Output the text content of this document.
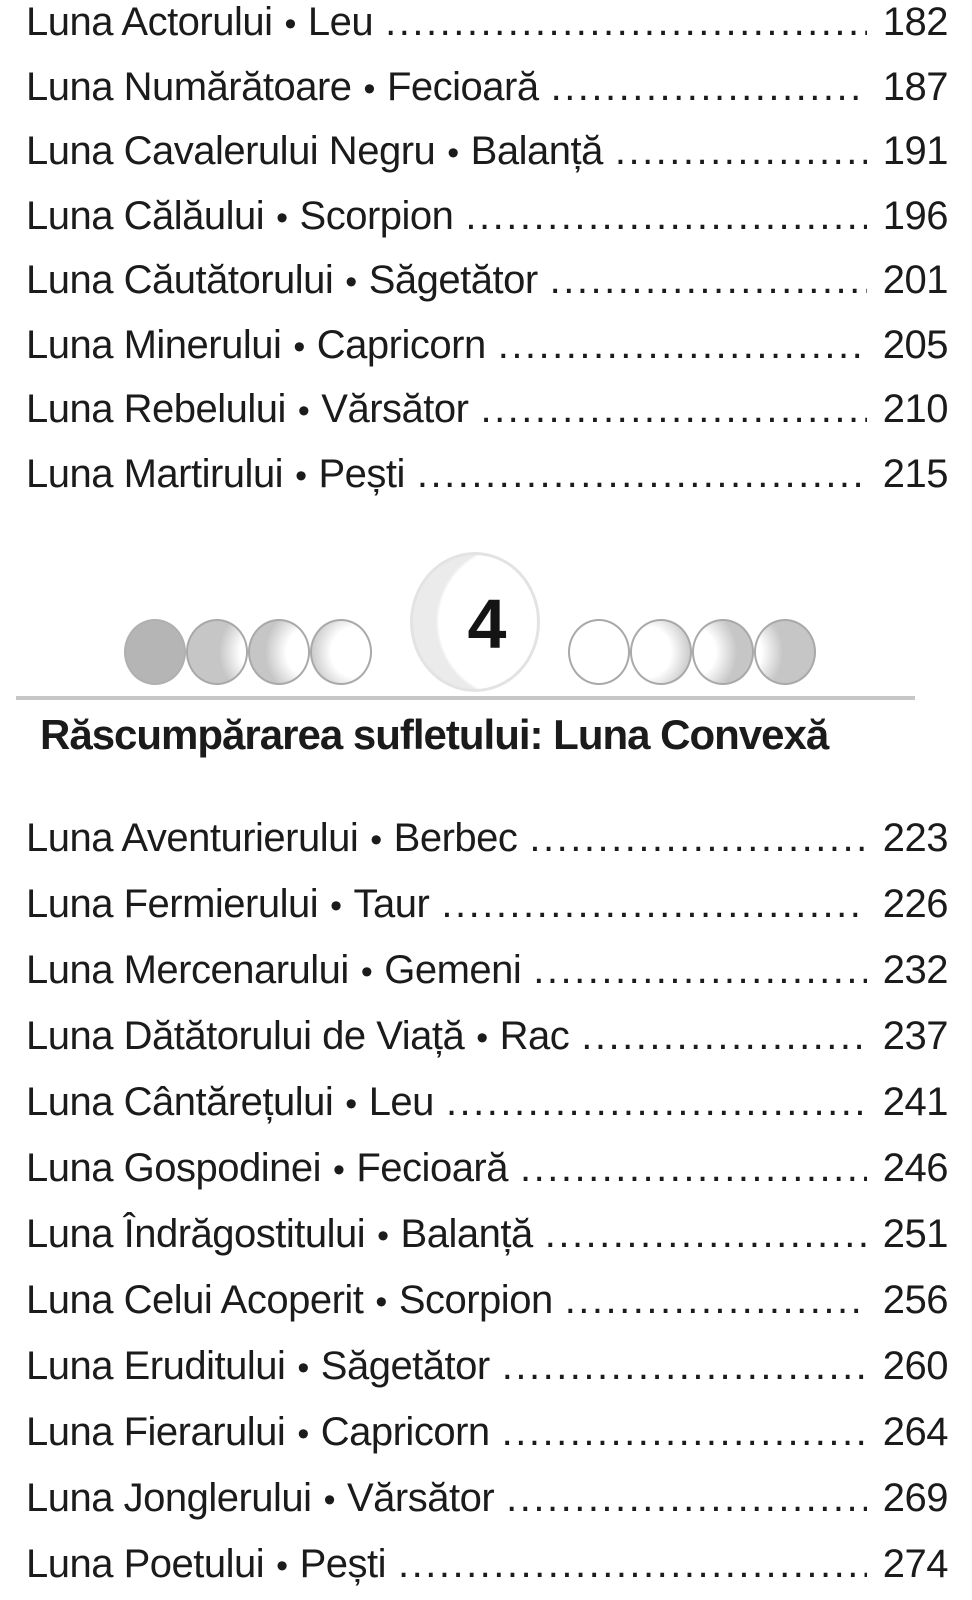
Luna Actorului • Leu .....	182
Luna Numărătoare • Fecioară .....	187
Luna Cavalerului Negru • Balanță .....	191
Luna Călăului • Scorpion .....	196
Luna Căutătorului • Săgetător .....	201
Luna Minerului • Capricorn .....	205
Luna Rebelului • Vărsător .....	210
Luna Martirului • Pești .....	215
4
Răscumpărarea sufletului: Luna Convexă
Luna Aventurierului • Berbec .....	223
Luna Fermierului • Taur .....	226
Luna Mercenarului • Gemeni .....	232
Luna Dătătorului de Viață • Rac .....	237
Luna Cântărețului • Leu .....	241
Luna Gospodinei • Fecioară .....	246
Luna Îndrăgostitului • Balanță .....	251
Luna Celui Acoperit • Scorpion .....	256
Luna Eruditului • Săgetător .....	260
Luna Fierarului • Capricorn .....	264
Luna Jonglerului • Vărsător .....	269
Luna Poetului • Pești .....	274
